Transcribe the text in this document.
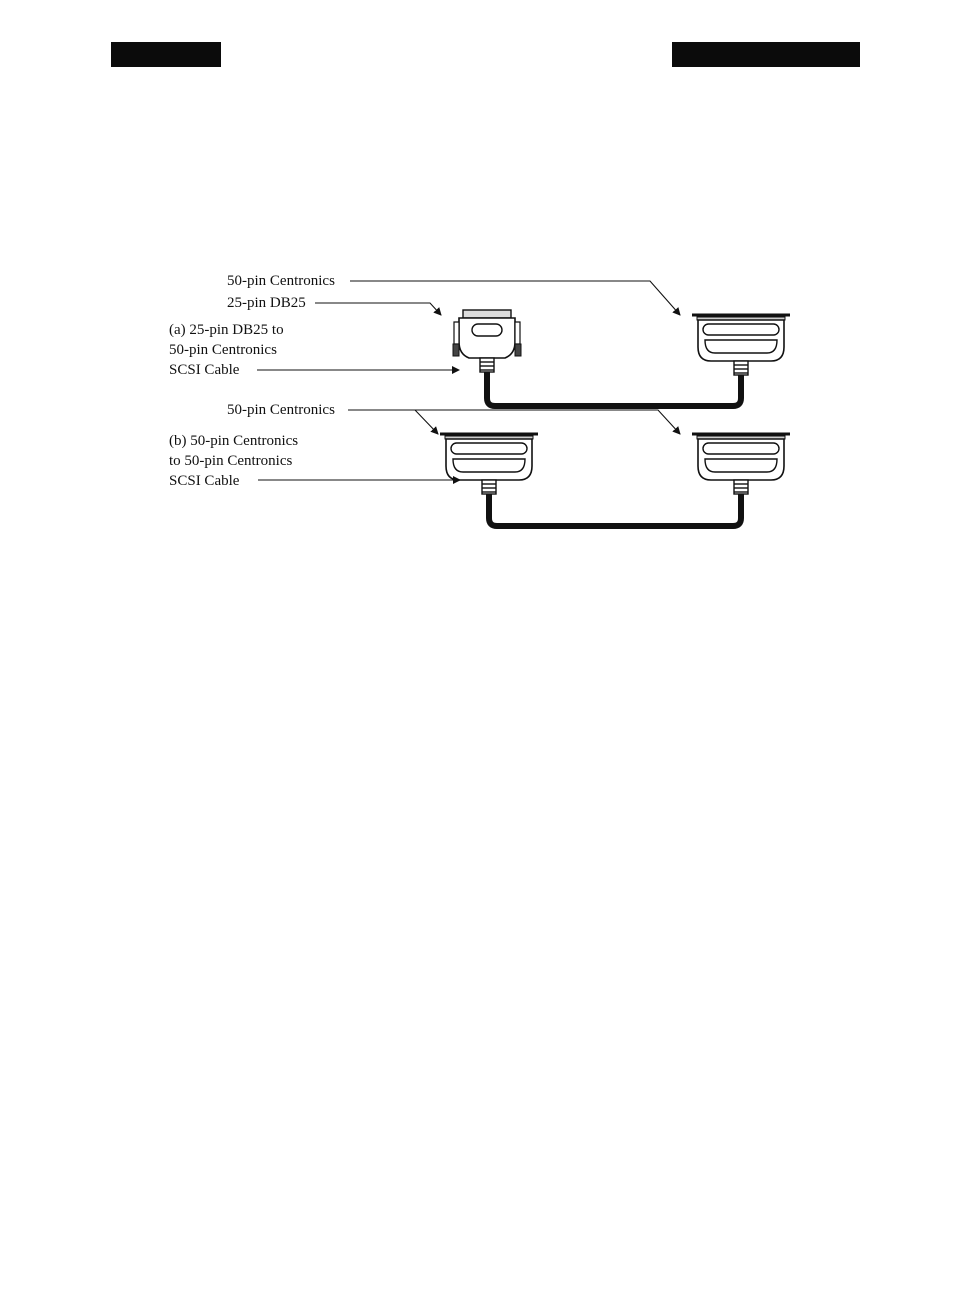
50-pin Centronics
25-pin DB25
(a) 25-pin DB25 to
50-pin Centronics
SCSI Cable
50-pin Centronics
(b) 50-pin Centronics
to 50-pin Centronics
SCSI Cable
